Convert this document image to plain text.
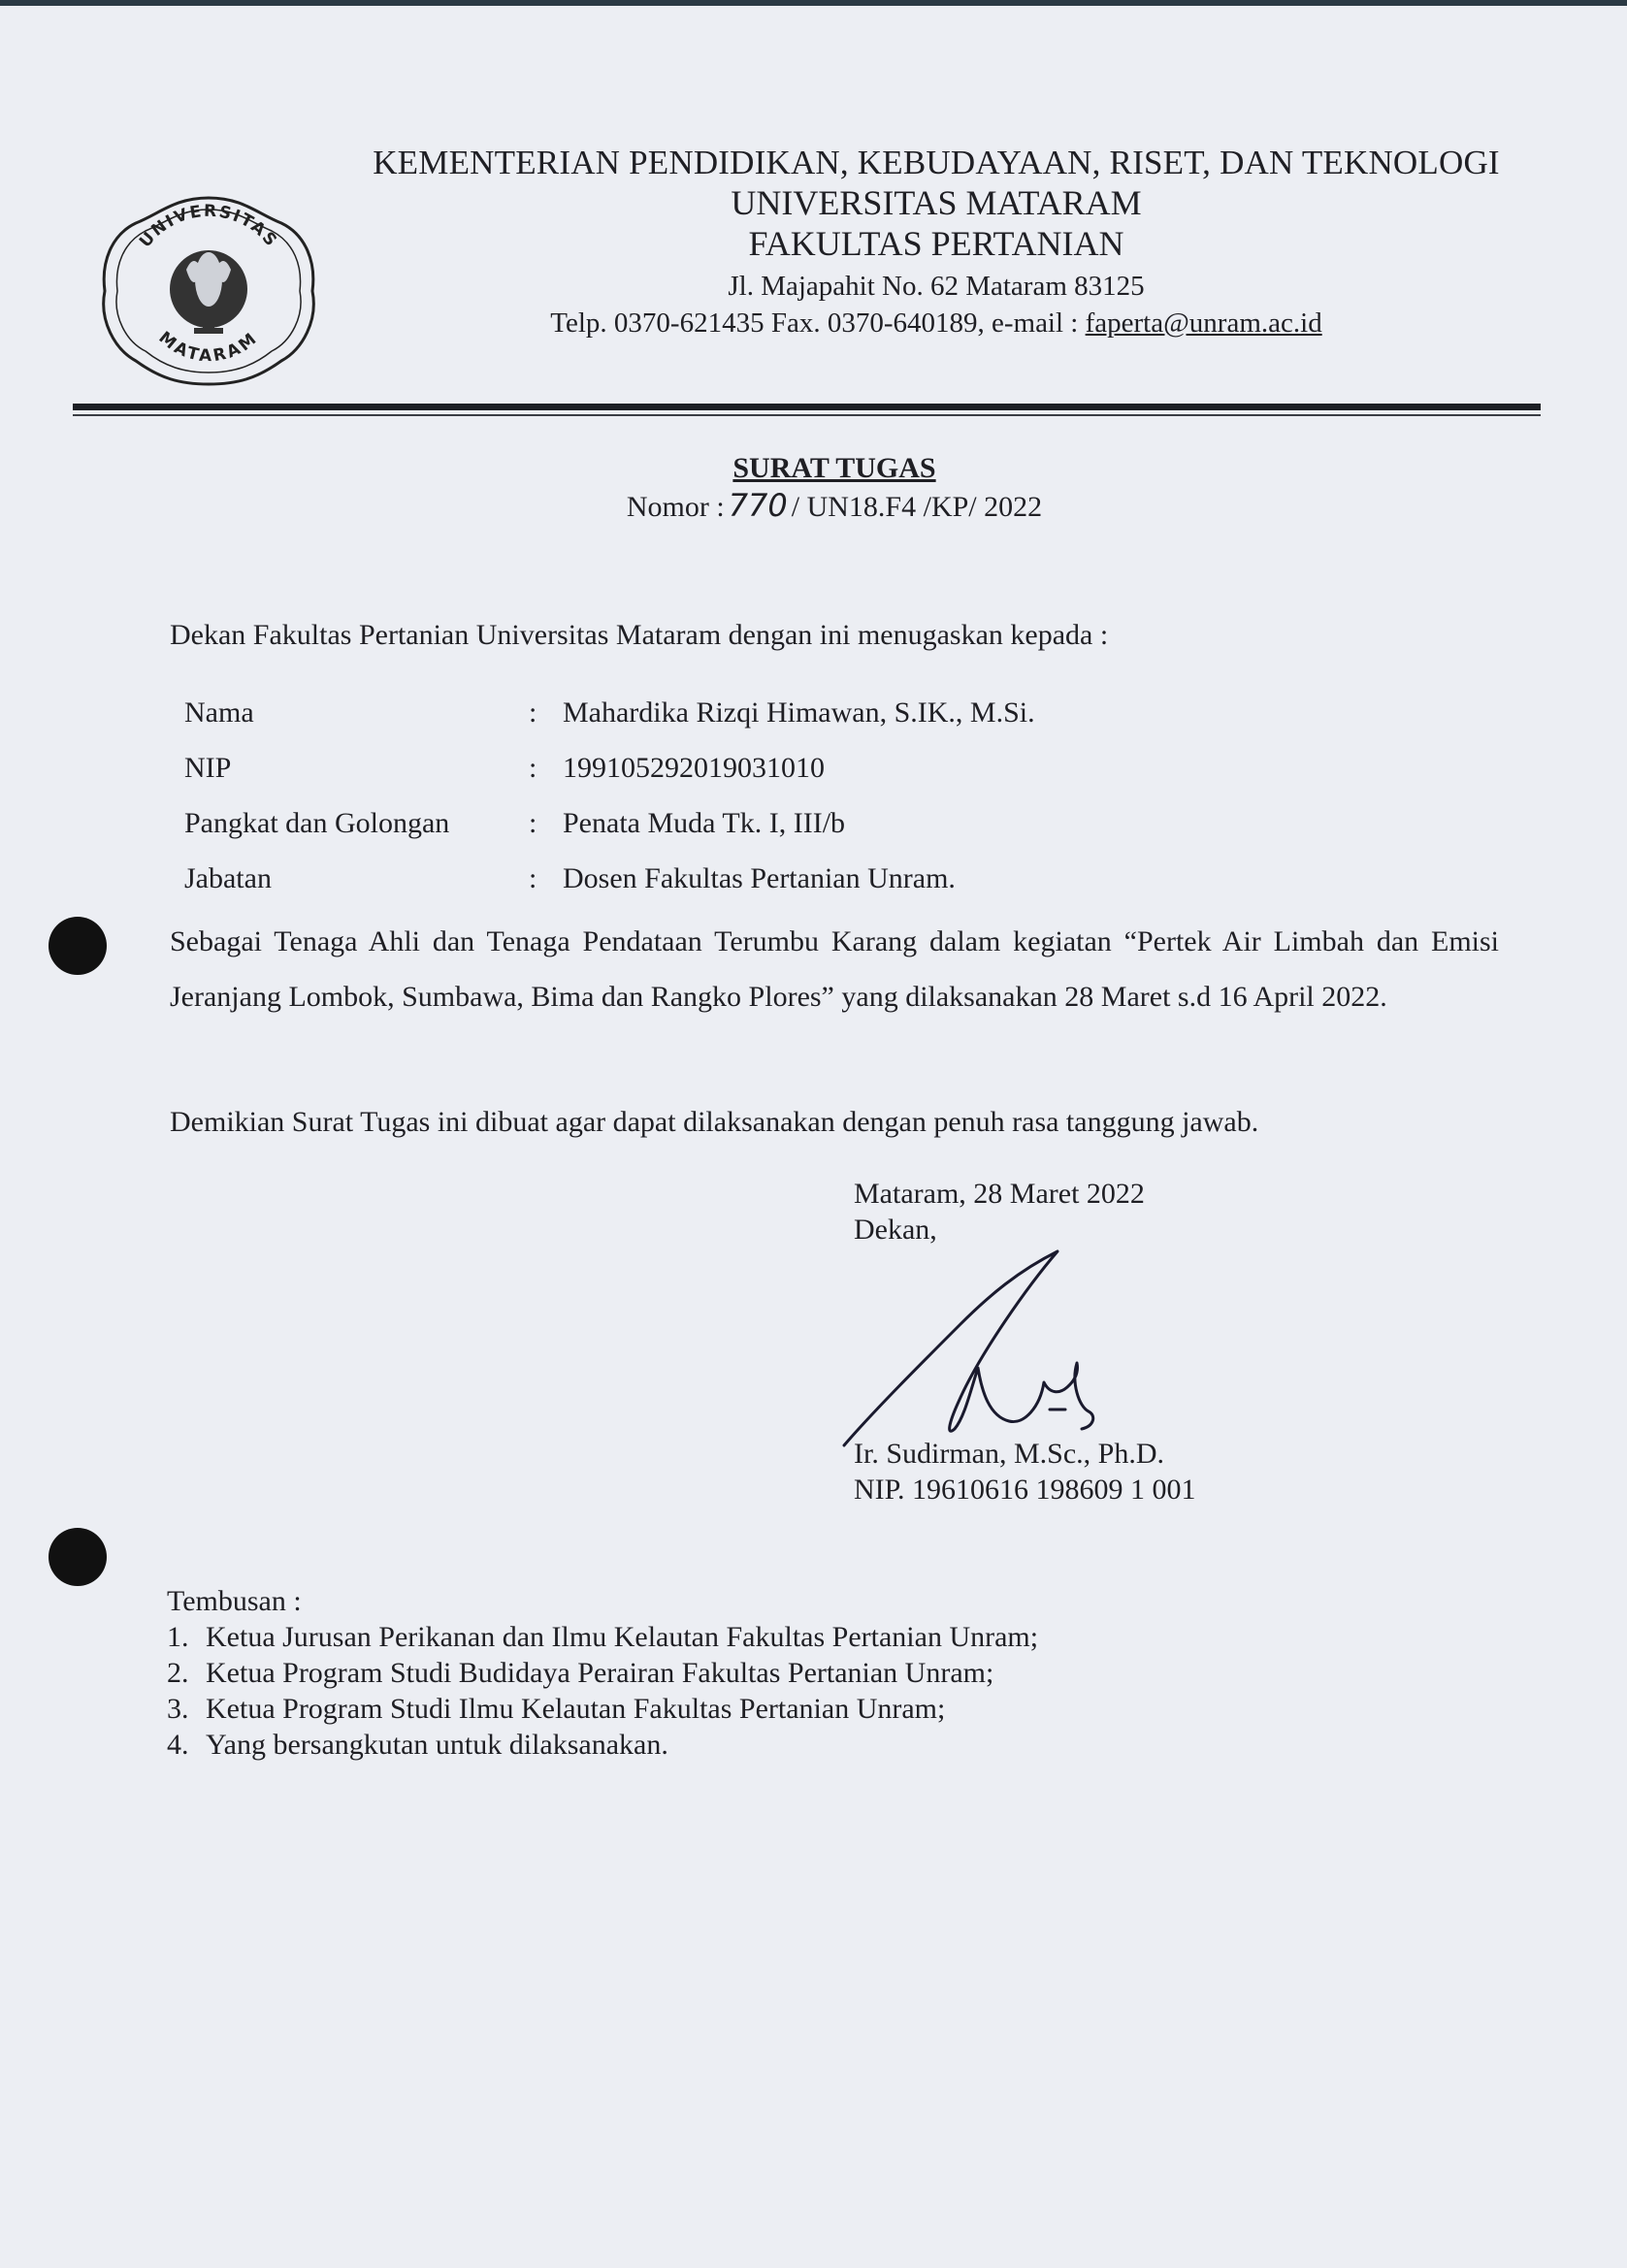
UNIVERSITAS
MATARAM
KEMENTERIAN PENDIDIKAN, KEBUDAYAAN, RISET, DAN TEKNOLOGI
UNIVERSITAS MATARAM
FAKULTAS PERTANIAN
Jl. Majapahit No. 62 Mataram 83125
Telp. 0370-621435 Fax. 0370-640189, e-mail : faperta@unram.ac.id
SURAT TUGAS
Nomor : 770 / UN18.F4 /KP/ 2022
Dekan Fakultas Pertanian Universitas Mataram dengan ini menugaskan kepada :
Nama	: Mahardika Rizqi Himawan, S.IK., M.Si.
NIP	: 199105292019031010
Pangkat dan Golongan	: Penata Muda Tk. I, III/b
Jabatan	: Dosen Fakultas Pertanian Unram.
Sebagai Tenaga Ahli dan Tenaga Pendataan Terumbu Karang dalam kegiatan “Pertek Air Limbah dan Emisi Jeranjang Lombok, Sumbawa, Bima dan Rangko Plores” yang dilaksanakan 28 Maret s.d 16 April 2022.
Demikian Surat Tugas ini dibuat agar dapat dilaksanakan dengan penuh rasa tanggung jawab.
Mataram, 28 Maret 2022
Dekan,
Ir. Sudirman, M.Sc., Ph.D.
NIP. 19610616 198609 1 001
Tembusan :
1. Ketua Jurusan Perikanan dan Ilmu Kelautan Fakultas Pertanian Unram;
2. Ketua Program Studi Budidaya Perairan Fakultas Pertanian Unram;
3. Ketua Program Studi Ilmu Kelautan Fakultas Pertanian Unram;
4. Yang bersangkutan untuk dilaksanakan.
